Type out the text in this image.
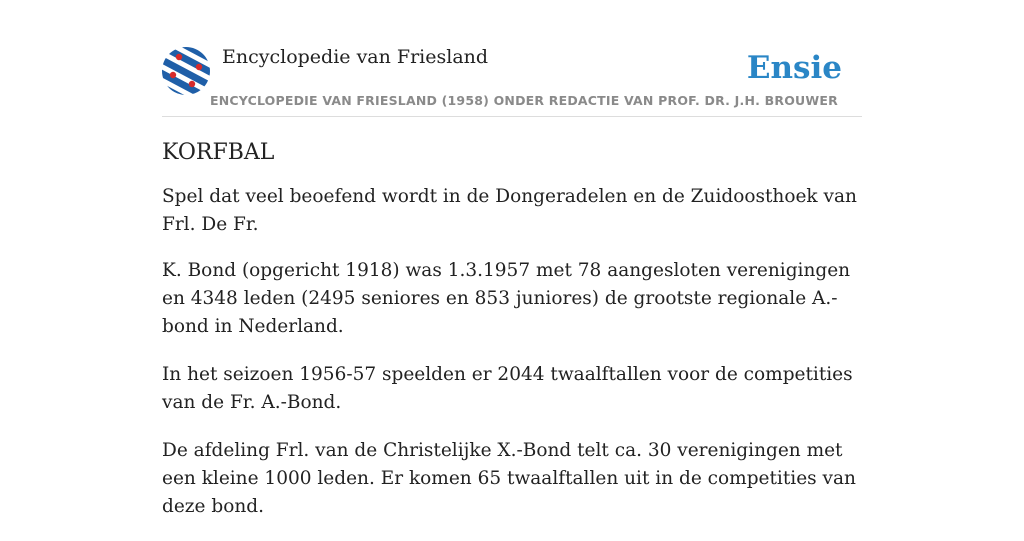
Encyclopedie van Friesland
ENCYCLOPEDIE VAN FRIESLAND (1958) ONDER REDACTIE VAN PROF. DR. J.H. BROUWER
Ensie
KORFBAL

Spel dat veel beoefend wordt in de Dongeradelen en de Zuidoosthoek van Frl. De Fr.

K. Bond (opgericht 1918) was 1.3.1957 met 78 aangesloten verenigingen en 4348 leden (2495 seniores en 853 juniores) de grootste regionale A.-bond in Nederland.

In het seizoen 1956-57 speelden er 2044 twaalftallen voor de competities van de Fr. A.-Bond.

De afdeling Frl. van de Christelijke X.-Bond telt ca. 30 verenigingen met een kleine 1000 leden. Er komen 65 twaalftallen uit in de competities van deze bond.
